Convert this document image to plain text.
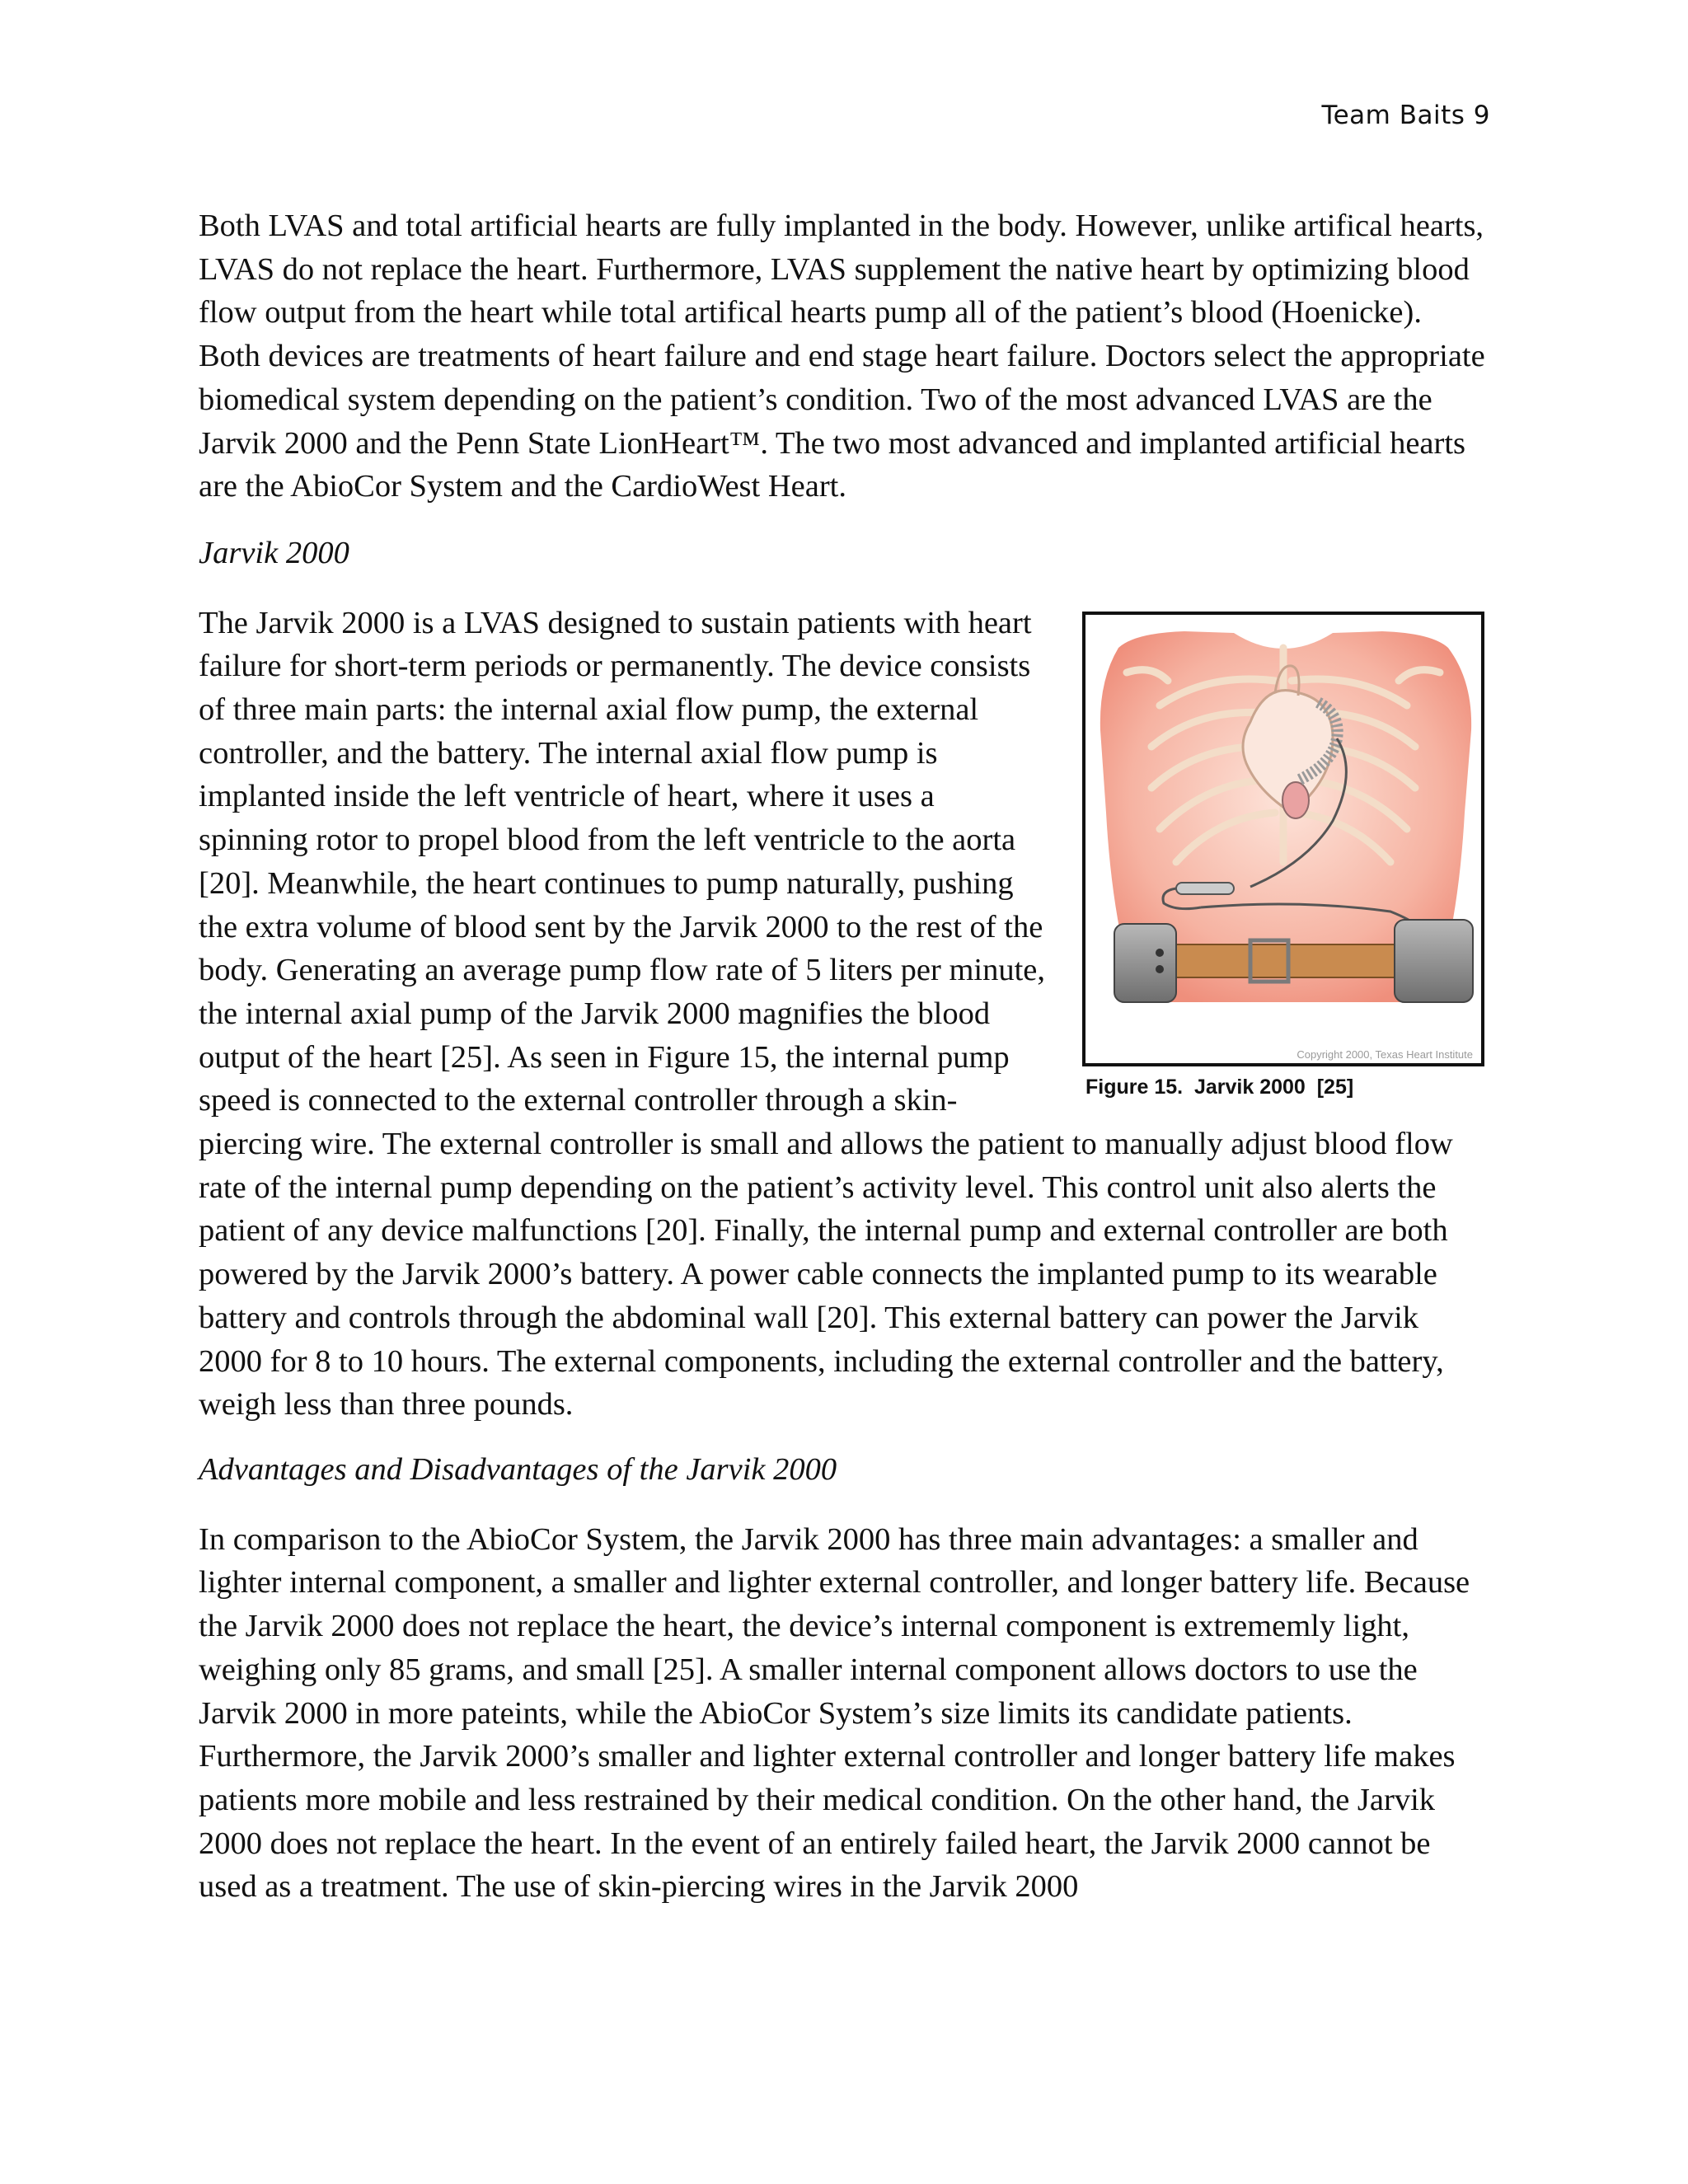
Team Baits 9

Both LVAS and total artificial hearts are fully implanted in the body. However, unlike artifical hearts, LVAS do not replace the heart. Furthermore, LVAS supplement the native heart by optimizing blood flow output from the heart while total artifical hearts pump all of the patient’s blood (Hoenicke). Both devices are treatments of heart failure and end stage heart failure. Doctors select the appropriate biomedical system depending on the patient’s condition. Two of the most advanced LVAS are the Jarvik 2000 and the Penn State LionHeart™. The two most advanced and implanted artificial hearts are the AbioCor System and the CardioWest Heart.

Jarvik 2000

Copyright 2000, Texas Heart Institute
Figure 15.  Jarvik 2000  [25]

The Jarvik 2000 is a LVAS designed to sustain patients with heart failure for short-term periods or permanently. The device consists of three main parts: the internal axial flow pump, the external controller, and the battery. The internal axial flow pump is implanted inside the left ventricle of heart, where it uses a spinning rotor to propel blood from the left ventricle to the aorta [20]. Meanwhile, the heart continues to pump naturally, pushing the extra volume of blood sent by the Jarvik 2000 to the rest of the body. Generating an average pump flow rate of 5 liters per minute, the internal axial pump of the Jarvik 2000 magnifies the blood output of the heart [25]. As seen in Figure 15, the internal pump speed is connected to the external controller through a skin-piercing wire. The external controller is small and allows the patient to manually adjust blood flow rate of the internal pump depending on the patient’s activity level. This control unit also alerts the patient of any device malfunctions [20]. Finally, the internal pump and external controller are both powered by the Jarvik 2000’s battery. A power cable connects the implanted pump to its wearable battery and controls through the abdominal wall [20]. This external battery can power the Jarvik 2000 for 8 to 10 hours. The external components, including the external controller and the battery, weigh less than three pounds.

Advantages and Disadvantages of the Jarvik 2000

In comparison to the AbioCor System, the Jarvik 2000 has three main advantages: a smaller and lighter internal component, a smaller and lighter external controller, and longer battery life. Because the Jarvik 2000 does not replace the heart, the device’s internal component is extrememly light, weighing only 85 grams, and small [25]. A smaller internal component allows doctors to use the Jarvik 2000 in more pateints, while the AbioCor System’s size limits its candidate patients. Furthermore, the Jarvik 2000’s smaller and lighter external controller and longer battery life makes patients more mobile and less restrained by their medical condition. On the other hand, the Jarvik 2000 does not replace the heart. In the event of an entirely failed heart, the Jarvik 2000 cannot be used as a treatment. The use of skin-piercing wires in the Jarvik 2000
